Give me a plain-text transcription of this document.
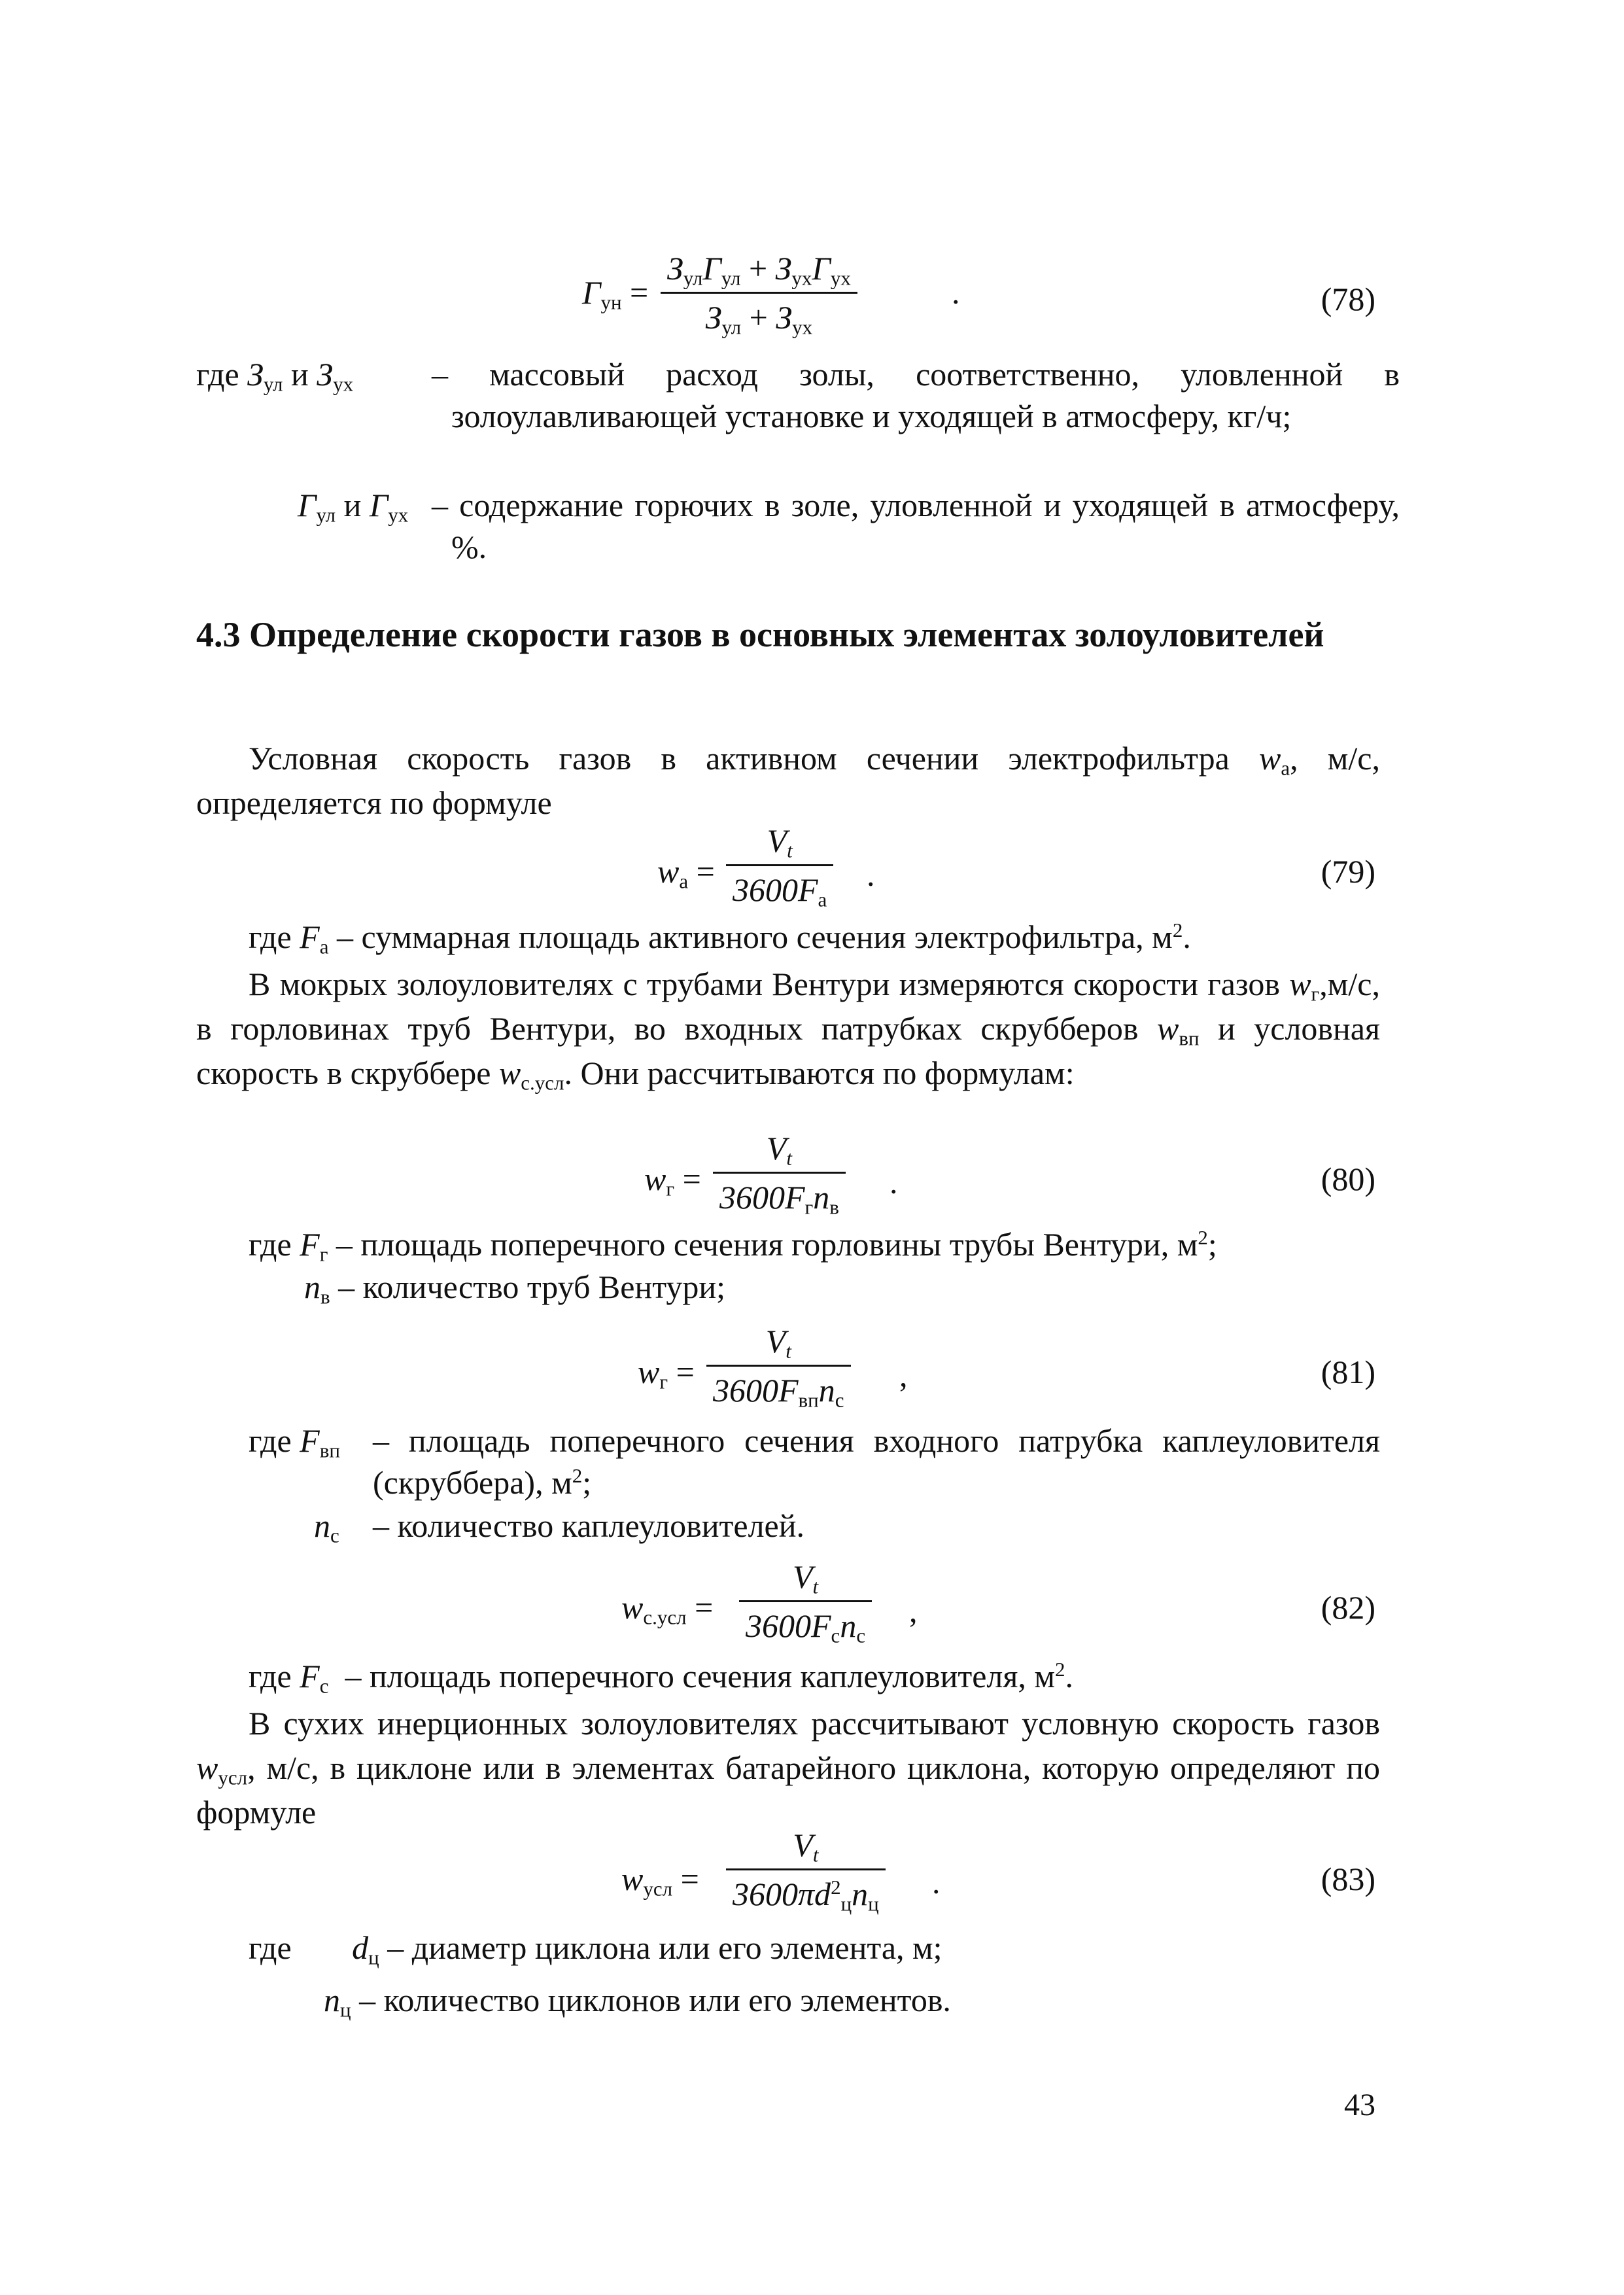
$Г_{ун}$ =
$З_{ул}Г_{ул} + З_{ух}Г_{ух}$
$З_{ул} + З_{ух}$
.	(78)
где $З_{ул}$ и $З_{ух}$ – массовый расход золы, соответственно, уловленной в золоулавливающей установке и уходящей в атмосферу, кг/ч;
$Г_{ул}$ и $Г_{ух}$ – содержание горючих в золе, уловленной и уходящей в атмосферу, %.
4.3 Определение скорости газов в основных элементах золоуловителей
Условная скорость газов в активном сечении электрофильтра $w_а$, м/с, определяется по формуле
$w_а$ =
$V_t$
$3600F_а$
.	(79)
где $F_а$ – суммарная площадь активного сечения электрофильтра, $м^2$.
В мокрых золоуловителях с трубами Вентури измеряются скорости газов $w_г,м/с$, в горловинах труб Вентури, во входных патрубках скрубберов $w_{вп}$ и условная скорость в скруббере $w_{с.усл}$. Они рассчитываются по формулам:
$w_г$ =
$V_t$
$3600F_гn_в$
.	(80)
где $F_г$ – площадь поперечного сечения горловины трубы Вентури, $м^2$;
$n_в$ – количество труб Вентури;
$w_г$ =
$V_t$
$3600F_{вп}n_с$
,	(81)
где $F_{вп}$ – площадь поперечного сечения входного патрубка каплеуловителя (скруббера), $м^2$;
$n_с$ – количество каплеуловителей.
$w_{с.усл}$ =
$V_t$
$3600F_сn_с$
,	(82)
где $F_с$ – площадь поперечного сечения каплеуловителя, $м^2$.
В сухих инерционных золоуловителях рассчитывают условную скорость газов $w_{усл}$, м/с, в циклоне или в элементах батарейного циклона, которую определяют по формуле
$w_{усл}$ =
$V_t$
$3600\pi d^2_цn_ц$
.	(83)
где $d_ц$ – диаметр циклона или его элемента, м;
$n_ц$ – количество циклонов или его элементов.
43
